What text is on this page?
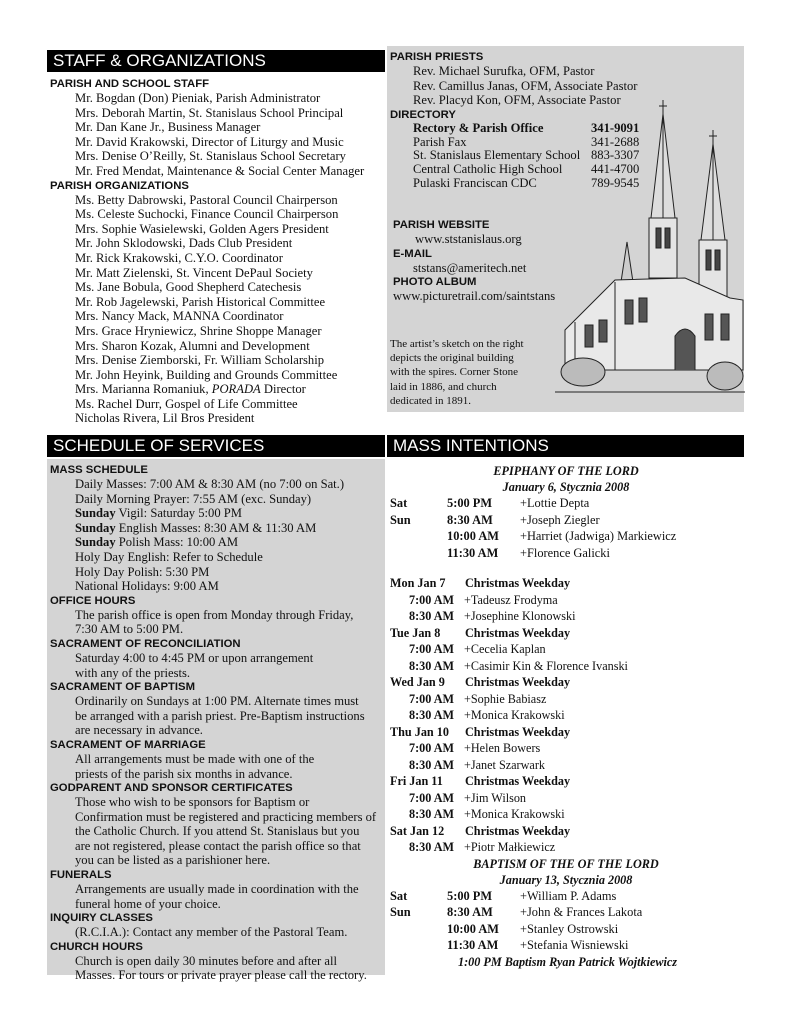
STAFF & ORGANIZATIONS
PARISH AND SCHOOL STAFF
Mr. Bogdan (Don) Pieniak, Parish Administrator
Mrs. Deborah Martin, St. Stanislaus School Principal
Mr. Dan Kane Jr., Business Manager
Mr. David Krakowski, Director of Liturgy and Music
Mrs. Denise O’Reilly, St. Stanislaus School Secretary
Mr. Fred Mendat, Maintenance & Social Center Manager
PARISH ORGANIZATIONS
Ms. Betty Dabrowski, Pastoral Council Chairperson
Ms. Celeste Suchocki, Finance Council Chairperson
Mrs. Sophie Wasielewski, Golden Agers President
Mr. John Sklodowski, Dads Club President
Mr. Rick Krakowski, C.Y.O. Coordinator
Mr. Matt Zielenski, St. Vincent DePaul Society
Ms. Jane Bobula, Good Shepherd Catechesis
Mr. Rob Jagelewski, Parish Historical Committee
Mrs. Nancy Mack, MANNA Coordinator
Mrs. Grace Hryniewicz, Shrine Shoppe Manager
Mrs. Sharon Kozak, Alumni and Development
Mrs. Denise Ziemborski, Fr. William Scholarship
Mr. John Heyink, Building and Grounds Committee
Mrs. Marianna Romaniuk, PORADA Director
Ms. Rachel Durr, Gospel of Life Committee
Nicholas Rivera, Lil Bros President
PARISH PRIESTS
Rev. Michael Surufka, OFM, Pastor
Rev. Camillus Janas, OFM, Associate Pastor
Rev. Placyd Kon, OFM, Associate Pastor
DIRECTORY
Rectory & Parish Office	341-9091
Parish Fax	341-2688
St. Stanislaus Elementary School 883-3307
Central Catholic High School	441-4700
Pulaski Franciscan CDC	789-9545
PARISH WEBSITE
www.ststanislaus.org
E-MAIL
ststans@ameritech.net
PHOTO ALBUM
www.picturetrail.com/saintstans
The artist’s sketch on the right
depicts the original building
with the spires. Corner Stone
laid in 1886, and church
dedicated in 1891.
SCHEDULE OF SERVICES	MASS INTENTIONS
MASS SCHEDULE
Daily Masses: 7:00 AM & 8:30 AM (no 7:00 on Sat.)
Daily Morning Prayer: 7:55 AM (exc. Sunday)
Sunday Vigil: Saturday 5:00 PM
Sunday English Masses: 8:30 AM & 11:30 AM
Sunday Polish Mass: 10:00 AM
Holy Day English: Refer to Schedule
Holy Day Polish: 5:30 PM
National Holidays: 9:00 AM
OFFICE HOURS
The parish office is open from Monday through Friday,
7:30 AM to 5:00 PM.
SACRAMENT OF RECONCILIATION
Saturday 4:00 to 4:45 PM or upon arrangement
with any of the priests.
SACRAMENT OF BAPTISM
Ordinarily on Sundays at 1:00 PM. Alternate times must
be arranged with a parish priest. Pre-Baptism instructions
are necessary in advance.
SACRAMENT OF MARRIAGE
All arrangements must be made with one of the
priests of the parish six months in advance.
GODPARENT AND SPONSOR CERTIFICATES
Those who wish to be sponsors for Baptism or
Confirmation must be registered and practicing members of
the Catholic Church. If you attend St. Stanislaus but you
are not registered, please contact the parish office so that
you can be listed as a parishioner here.
FUNERALS
Arrangements are usually made in coordination with the
funeral home of your choice.
INQUIRY CLASSES
(R.C.I.A.): Contact any member of the Pastoral Team.
CHURCH HOURS
Church is open daily 30 minutes before and after all
Masses. For tours or private prayer please call the rectory.
EPIPHANY OF THE LORD
January 6, Stycznia 2008
Sat	5:00 PM	+Lottie Depta
Sun	8:30 AM	+Joseph Ziegler
10:00 AM	+Harriet (Jadwiga) Markiewicz
11:30 AM	+Florence Galicki
Mon Jan 7	Christmas Weekday
7:00 AM +Tadeusz Frodyma
8:30 AM +Josephine Klonowski
Tue Jan 8	Christmas Weekday
7:00 AM +Cecelia Kaplan
8:30 AM +Casimir Kin & Florence Ivanski
Wed Jan 9	Christmas Weekday
7:00 AM +Sophie Babiasz
8:30 AM +Monica Krakowski
Thu Jan 10	Christmas Weekday
7:00 AM +Helen Bowers
8:30 AM +Janet Szarwark
Fri Jan 11	Christmas Weekday
7:00 AM +Jim Wilson
8:30 AM +Monica Krakowski
Sat Jan 12	Christmas Weekday
8:30 AM +Piotr Małkiewicz
BAPTISM OF THE OF THE LORD
January 13, Stycznia 2008
Sat	5:00 PM	+William P. Adams
Sun	8:30 AM	+John & Frances Lakota
10:00 AM	+Stanley Ostrowski
11:30 AM	+Stefania Wisniewski
1:00 PM Baptism Ryan Patrick Wojtkiewicz
